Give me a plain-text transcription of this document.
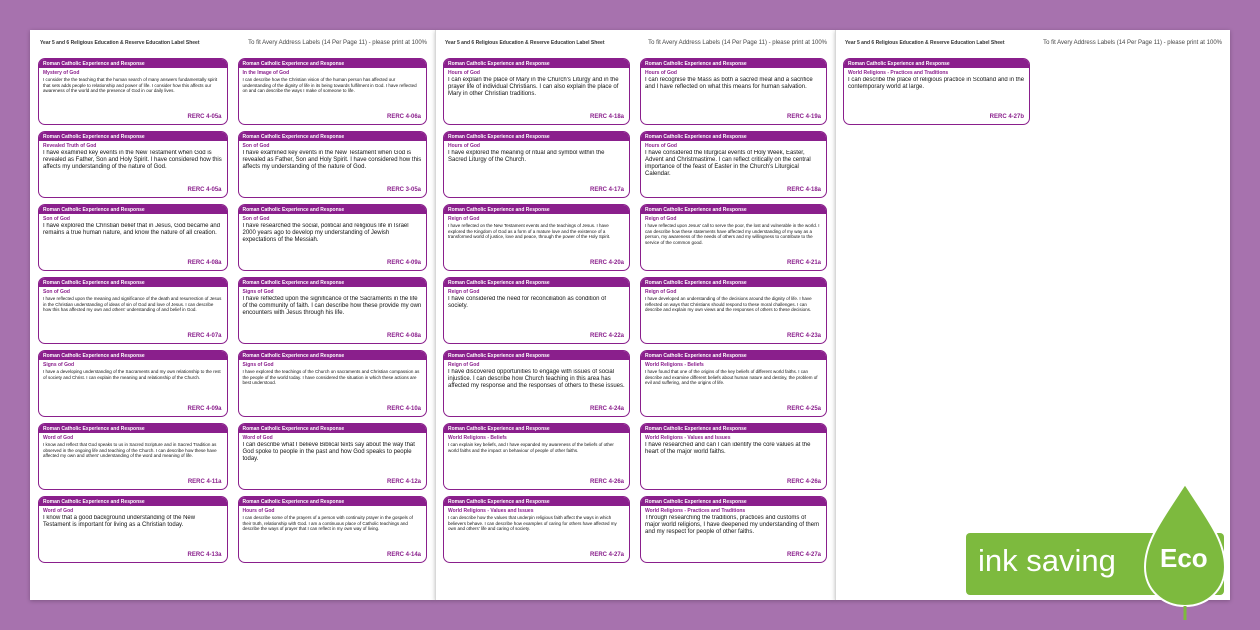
Year 5 and 6 Religious Education & Reserve Education Label Sheet	To fit Avery Address Labels (14 Per Page 11) - please print at 100%
Roman Catholic Experience and Response
Mystery of God
I consider the the teaching that the human search of many answers fundamentally spirit that sets adds people to relationship and power of life. I consider how this affects our awareness of the world and the presence of God in our daily lives.
RERC 4-05a
Roman Catholic Experience and Response
In the Image of God
I can describe how the Christian vision of the human person has affected our understanding of the dignity of life in its being towards fulfilment in God. I have reflected on and can describe the ways I make of someone to life.
RERC 4-06a
Roman Catholic Experience and Response
Revealed Truth of God
I have examined key events in the New Testament when God is revealed as Father, Son and Holy Spirit. I have considered how this affects my understanding of the nature of God.
RERC 4-05a
Roman Catholic Experience and Response
Son of God
I have examined key events in the New Testament when God is revealed as Father, Son and Holy Spirit. I have considered how this affects my understanding of the nature of God.
RERC 3-05a
Roman Catholic Experience and Response
Son of God
I have explored the Christian belief that in Jesus, God became and remains a true human nature, and know the nature of all creation.
RERC 4-08a
Roman Catholic Experience and Response
Son of God
I have researched the social, political and religious life in Israel 2000 years ago to develop my understanding of Jewish expectations of the Messiah.
RERC 4-09a
Roman Catholic Experience and Response
Son of God
I have reflected upon the meaning and significance of the death and resurrection of Jesus in the Christian understanding of ideas of sin of God and love of Jesus. I can describe how this has affected my own and others' understanding of and belief in God.
RERC 4-07a
Roman Catholic Experience and Response
Signs of God
I have reflected upon the significance of the Sacraments in the life of the community of faith. I can describe how these provide my own encounters with Jesus through his life.
RERC 4-08a
Roman Catholic Experience and Response
Signs of God
I have a developing understanding of the Sacraments and my own relationship to the rest of society and Christ. I can explain the meaning and relationship of the Church.
RERC 4-09a
Roman Catholic Experience and Response
Signs of God
I have explored the teachings of the Church on sacraments and Christian compassion as the people of the world today. I have considered the situation in which these actions are best understood.
RERC 4-10a
Roman Catholic Experience and Response
Word of God
I know and reflect that God speaks to us in Sacred Scripture and in Sacred Tradition as observed in the ongoing life and teaching of the Church. I can describe how these have affected my own and others' understanding of the word and meaning of life.
RERC 4-11a
Roman Catholic Experience and Response
Word of God
I can describe what I believe Biblical texts say about the way that God spoke to people in the past and how God speaks to people today.
RERC 4-12a
Roman Catholic Experience and Response
Word of God
I know that a good background understanding of the New Testament is important for living as a Christian today.
RERC 4-13a
Roman Catholic Experience and Response
Hours of God
I can describe some of the prayers of a person with continuity prayer in the gospels of their truth, relationship with God. I am a continuous place of Catholic teachings and describe the ways of prayer that I can reflect in my own way of living.
RERC 4-14a
Year 5 and 6 Religious Education & Reserve Education Label Sheet	To fit Avery Address Labels (14 Per Page 11) - please print at 100%
Roman Catholic Experience and Response
Hours of God
I can explain the place of Mary in the Church's Liturgy and in the prayer life of individual Christians. I can also explain the place of Mary in other Christian traditions.
RERC 4-18a
Roman Catholic Experience and Response
Hours of God
I can recognise the Mass as both a sacred meal and a sacrifice and I have reflected on what this means for human salvation.
RERC 4-19a
Roman Catholic Experience and Response
Hours of God
I have explored the meaning of ritual and symbol within the Sacred Liturgy of the Church.
RERC 4-17a
Roman Catholic Experience and Response
Hours of God
I have considered the liturgical events of Holy Week, Easter, Advent and Christmastime. I can reflect critically on the central importance of the feast of Easter in the Church's Liturgical Calendar.
RERC 4-18a
Roman Catholic Experience and Response
Reign of God
I have reflected on the New Testament events and the teachings of Jesus. I have explored the Kingdom of God as a form of a mature love and the existence of a transformed world of justice, love and peace, through the power of the Holy Spirit.
RERC 4-20a
Roman Catholic Experience and Response
Reign of God
I have reflected upon Jesus' call to serve the poor, the lost and vulnerable in the world. I can describe how these statements have affected my understanding of my way as a person, my awareness of the needs of others and my willingness to contribute to the service of the common good.
RERC 4-21a
Roman Catholic Experience and Response
Reign of God
I have considered the need for reconciliation as condition of society.
RERC 4-22a
Roman Catholic Experience and Response
Reign of God
I have developed an understanding of the decisions around the dignity of life. I have reflected on ways that Christians should respond to these moral challenges. I can describe and explain my own views and the responses of others to these decisions.
RERC 4-23a
Roman Catholic Experience and Response
Reign of God
I have discovered opportunities to engage with issues of social injustice. I can describe how Church teaching in this area has affected my response and the responses of others to these issues.
RERC 4-24a
Roman Catholic Experience and Response
World Religions - Beliefs
I have found that one of the origins of the key beliefs of different world faiths. I can describe and examine different beliefs about human nature and destiny, the problem of evil and suffering, and the origins of life.
RERC 4-25a
Roman Catholic Experience and Response
World Religions - Beliefs
I can explain key beliefs, and I have expanded my awareness of the beliefs of other world faiths and the impact on behaviour of people of other faiths.
RERC 4-26a
Roman Catholic Experience and Response
World Religions - Values and Issues
I have researched and can I can identify the core values at the heart of the major world faiths.
RERC 4-26a
Roman Catholic Experience and Response
World Religions - Values and Issues
I can describe how the values that underpin religious faith affect the ways in which believers behave. I can describe how examples of caring for others have affected my own and others' life and caring of society.
RERC 4-27a
Roman Catholic Experience and Response
World Religions - Practices and Traditions
Through researching the traditions, practices and customs of major world religions, I have deepened my understanding of them and my respect for people of other faiths.
RERC 4-27a
Year 5 and 6 Religious Education & Reserve Education Label Sheet	To fit Avery Address Labels (14 Per Page 11) - please print at 100%
Roman Catholic Experience and Response
World Religions - Practices and Traditions
I can describe the place of religious practice in Scotland and in the contemporary world at large.
RERC 4-27b
ink saving Eco
